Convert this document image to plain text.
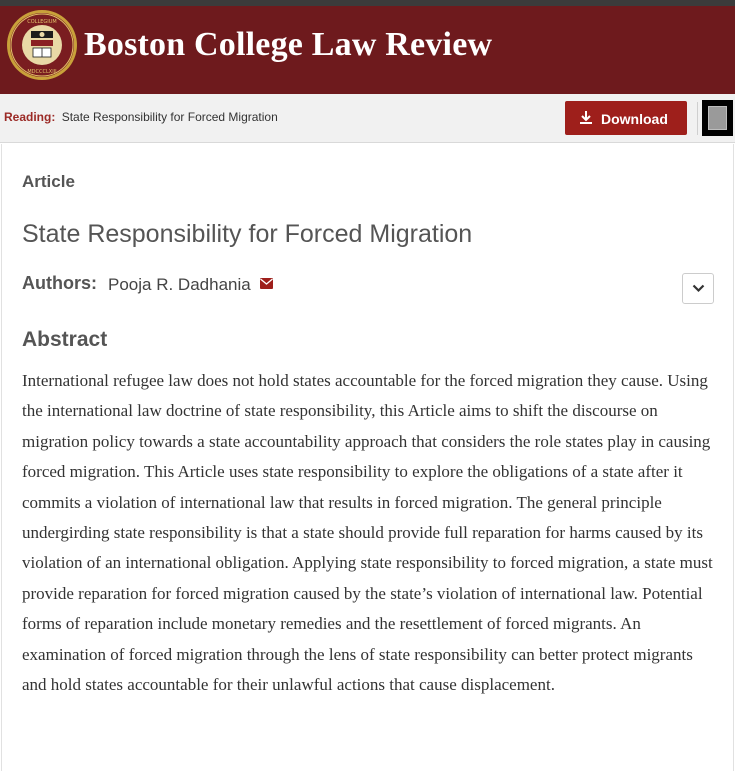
COLLEGIUM
MDCCCLXIII
Boston College Law Review
Reading: State Responsibility for Forced Migration	Download
Article
State Responsibility for Forced Migration
Authors: Pooja R. Dadhania
Abstract

International refugee law does not hold states accountable for the forced migration they cause. Using the international law doctrine of state responsibility, this Article aims to shift the discourse on migration policy towards a state accountability approach that considers the role states play in causing forced migration. This Article uses state responsibility to explore the obligations of a state after it commits a violation of international law that results in forced migration. The general principle undergirding state responsibility is that a state should provide full reparation for harms caused by its violation of an international obligation. Applying state responsibility to forced migration, a state must provide reparation for forced migration caused by the state’s violation of international law. Potential forms of reparation include monetary remedies and the resettlement of forced migrants. An examination of forced migration through the lens of state responsibility can better protect migrants and hold states accountable for their unlawful actions that cause displacement.
